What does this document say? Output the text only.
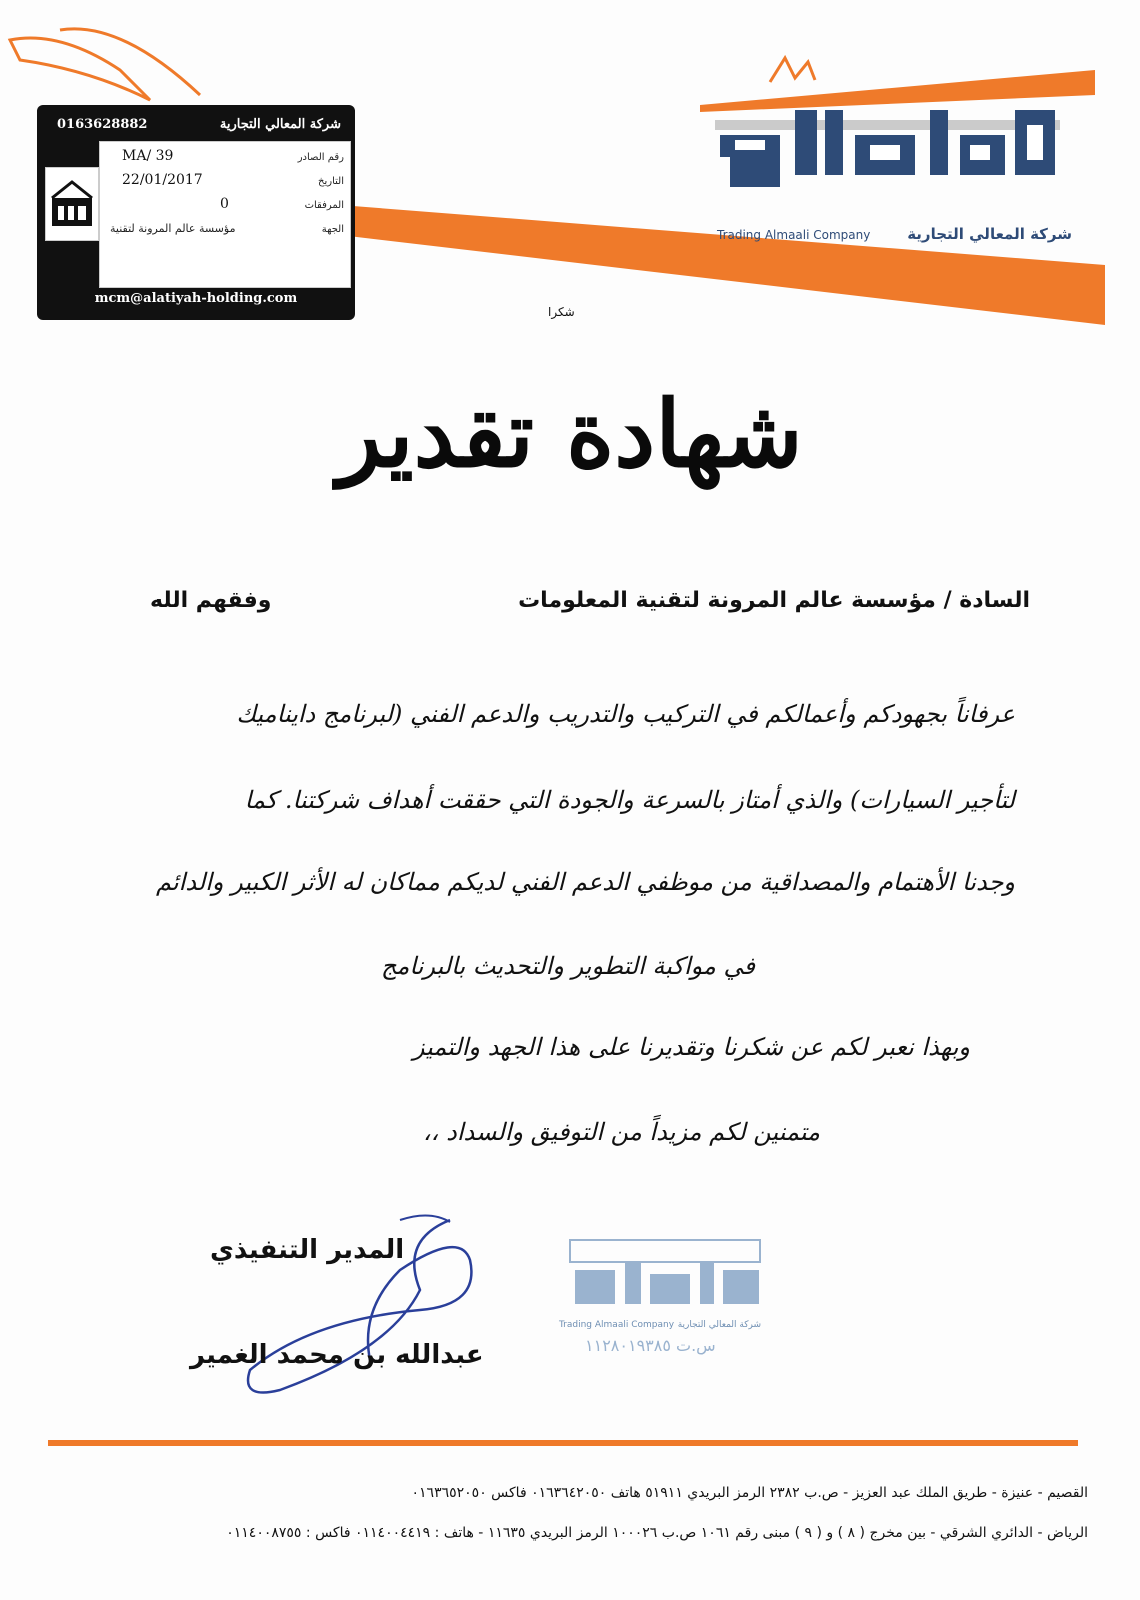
0163628882	شركة المعالي التجارية
MA/ 39	رقم الصادر
22/01/2017	التاريخ
0	المرفقات
مؤسسة عالم المرونة لتقنية	الجهة
mcm@alatiyah-holding.com
شركة المعالي التجارية
Trading Almaali Company
شكرا
شهادة تقدير
السادة / مؤسسة عالم المرونة لتقنية المعلومات
وفقهم الله
عرفاناً بجهودكم وأعمالكم في التركيب والتدريب والدعم الفني (لبرنامج دايناميك
لتأجير السيارات) والذي أمتاز بالسرعة والجودة التي حققت أهداف شركتنا. كما
وجدنا الأهتمام والمصداقية من موظفي الدعم الفني لديكم مماكان له الأثر الكبير والدائم
في مواكبة التطوير والتحديث بالبرنامج
وبهذا نعبر لكم عن شكرنا وتقديرنا على هذا الجهد والتميز
متمنين لكم مزيداً من التوفيق والسداد ،،
المدير التنفيذي
عبدالله بن محمد الغمير
شركة المعالي التجارية
Trading Almaali Company
س.ت ١١٢٨٠١٩٣٨٥
القصيم - عنيزة - طريق الملك عبد العزيز - ص.ب ٢٣٨٢ الرمز البريدي ٥١٩١١ هاتف ٠١٦٣٦٤٢٠٥٠ فاكس ٠١٦٣٦٥٢٠٥٠
الرياض - الدائري الشرقي - بين مخرج ( ٨ ) و ( ٩ ) مبنى رقم ١٠٦١ ص.ب ١٠٠٠٢٦ الرمز البريدي ١١٦٣٥ - هاتف : ٠١١٤٠٠٤٤١٩ فاكس : ٠١١٤٠٠٨٧٥٥
